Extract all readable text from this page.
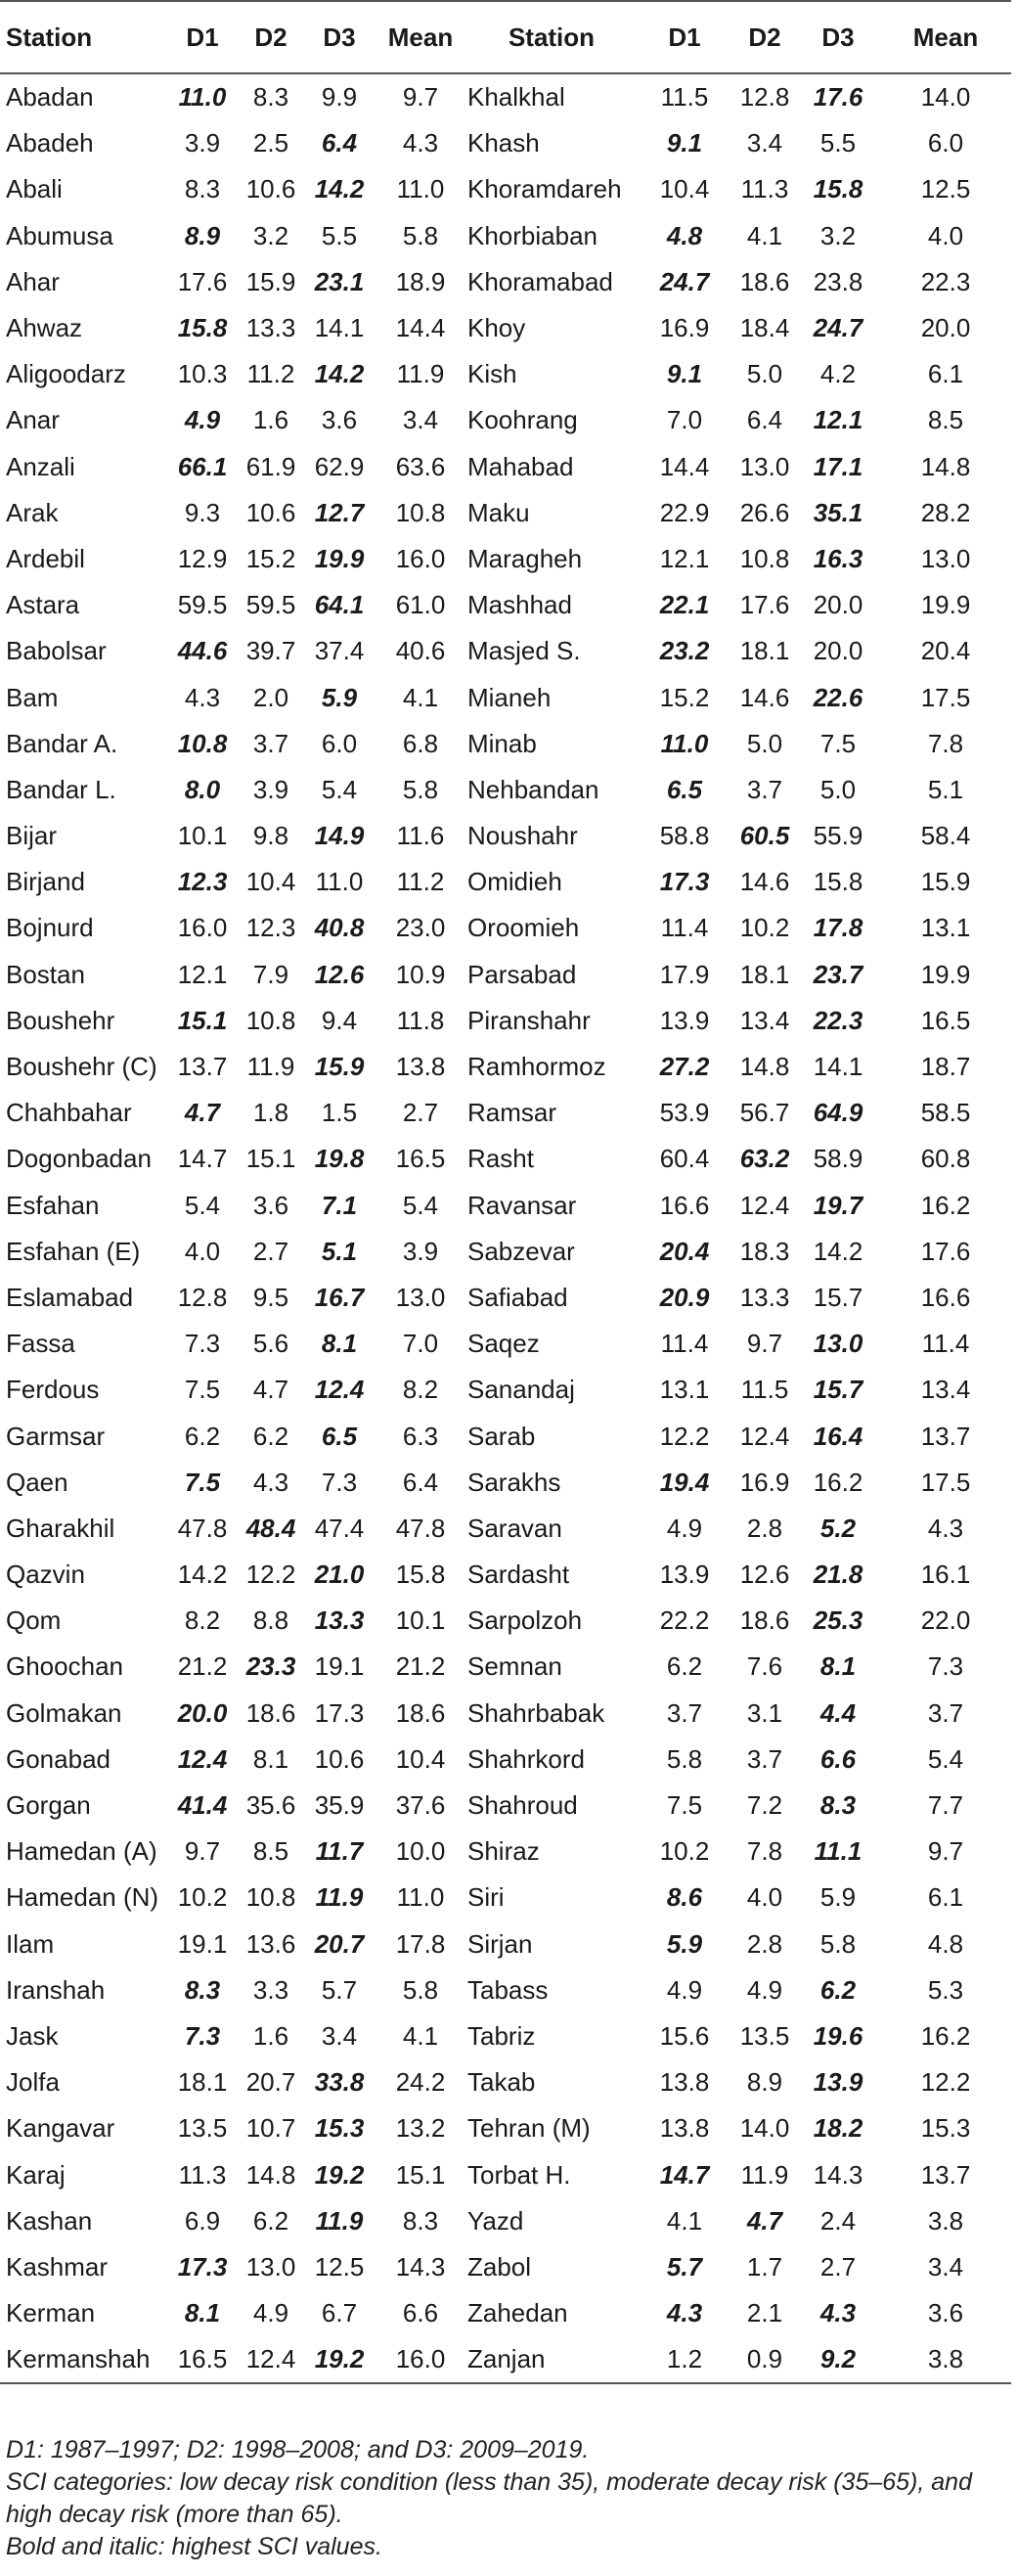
Station	D1	D2	D3	Mean	Station	D1	D2	D3	Mean
Abadan	11.0	8.3	9.9	9.7	Khalkhal	11.5	12.8	17.6	14.0
Abadeh	3.9	2.5	6.4	4.3	Khash	9.1	3.4	5.5	6.0
Abali	8.3	10.6	14.2	11.0	Khoramdareh	10.4	11.3	15.8	12.5
Abumusa	8.9	3.2	5.5	5.8	Khorbiaban	4.8	4.1	3.2	4.0
Ahar	17.6	15.9	23.1	18.9	Khoramabad	24.7	18.6	23.8	22.3
Ahwaz	15.8	13.3	14.1	14.4	Khoy	16.9	18.4	24.7	20.0
Aligoodarz	10.3	11.2	14.2	11.9	Kish	9.1	5.0	4.2	6.1
Anar	4.9	1.6	3.6	3.4	Koohrang	7.0	6.4	12.1	8.5
Anzali	66.1	61.9	62.9	63.6	Mahabad	14.4	13.0	17.1	14.8
Arak	9.3	10.6	12.7	10.8	Maku	22.9	26.6	35.1	28.2
Ardebil	12.9	15.2	19.9	16.0	Maragheh	12.1	10.8	16.3	13.0
Astara	59.5	59.5	64.1	61.0	Mashhad	22.1	17.6	20.0	19.9
Babolsar	44.6	39.7	37.4	40.6	Masjed S.	23.2	18.1	20.0	20.4
Bam	4.3	2.0	5.9	4.1	Mianeh	15.2	14.6	22.6	17.5
Bandar A.	10.8	3.7	6.0	6.8	Minab	11.0	5.0	7.5	7.8
Bandar L.	8.0	3.9	5.4	5.8	Nehbandan	6.5	3.7	5.0	5.1
Bijar	10.1	9.8	14.9	11.6	Noushahr	58.8	60.5	55.9	58.4
Birjand	12.3	10.4	11.0	11.2	Omidieh	17.3	14.6	15.8	15.9
Bojnurd	16.0	12.3	40.8	23.0	Oroomieh	11.4	10.2	17.8	13.1
Bostan	12.1	7.9	12.6	10.9	Parsabad	17.9	18.1	23.7	19.9
Boushehr	15.1	10.8	9.4	11.8	Piranshahr	13.9	13.4	22.3	16.5
Boushehr (C)	13.7	11.9	15.9	13.8	Ramhormoz	27.2	14.8	14.1	18.7
Chahbahar	4.7	1.8	1.5	2.7	Ramsar	53.9	56.7	64.9	58.5
Dogonbadan	14.7	15.1	19.8	16.5	Rasht	60.4	63.2	58.9	60.8
Esfahan	5.4	3.6	7.1	5.4	Ravansar	16.6	12.4	19.7	16.2
Esfahan (E)	4.0	2.7	5.1	3.9	Sabzevar	20.4	18.3	14.2	17.6
Eslamabad	12.8	9.5	16.7	13.0	Safiabad	20.9	13.3	15.7	16.6
Fassa	7.3	5.6	8.1	7.0	Saqez	11.4	9.7	13.0	11.4
Ferdous	7.5	4.7	12.4	8.2	Sanandaj	13.1	11.5	15.7	13.4
Garmsar	6.2	6.2	6.5	6.3	Sarab	12.2	12.4	16.4	13.7
Qaen	7.5	4.3	7.3	6.4	Sarakhs	19.4	16.9	16.2	17.5
Gharakhil	47.8	48.4	47.4	47.8	Saravan	4.9	2.8	5.2	4.3
Qazvin	14.2	12.2	21.0	15.8	Sardasht	13.9	12.6	21.8	16.1
Qom	8.2	8.8	13.3	10.1	Sarpolzoh	22.2	18.6	25.3	22.0
Ghoochan	21.2	23.3	19.1	21.2	Semnan	6.2	7.6	8.1	7.3
Golmakan	20.0	18.6	17.3	18.6	Shahrbabak	3.7	3.1	4.4	3.7
Gonabad	12.4	8.1	10.6	10.4	Shahrkord	5.8	3.7	6.6	5.4
Gorgan	41.4	35.6	35.9	37.6	Shahroud	7.5	7.2	8.3	7.7
Hamedan (A)	9.7	8.5	11.7	10.0	Shiraz	10.2	7.8	11.1	9.7
Hamedan (N)	10.2	10.8	11.9	11.0	Siri	8.6	4.0	5.9	6.1
Ilam	19.1	13.6	20.7	17.8	Sirjan	5.9	2.8	5.8	4.8
Iranshah	8.3	3.3	5.7	5.8	Tabass	4.9	4.9	6.2	5.3
Jask	7.3	1.6	3.4	4.1	Tabriz	15.6	13.5	19.6	16.2
Jolfa	18.1	20.7	33.8	24.2	Takab	13.8	8.9	13.9	12.2
Kangavar	13.5	10.7	15.3	13.2	Tehran (M)	13.8	14.0	18.2	15.3
Karaj	11.3	14.8	19.2	15.1	Torbat H.	14.7	11.9	14.3	13.7
Kashan	6.9	6.2	11.9	8.3	Yazd	4.1	4.7	2.4	3.8
Kashmar	17.3	13.0	12.5	14.3	Zabol	5.7	1.7	2.7	3.4
Kerman	8.1	4.9	6.7	6.6	Zahedan	4.3	2.1	4.3	3.6
Kermanshah	16.5	12.4	19.2	16.0	Zanjan	1.2	0.9	9.2	3.8
D1: 1987–1997; D2: 1998–2008; and D3: 2009–2019.
SCI categories: low decay risk condition (less than 35), moderate decay risk (35–65), and high decay risk (more than 65).
Bold and italic: highest SCI values.
